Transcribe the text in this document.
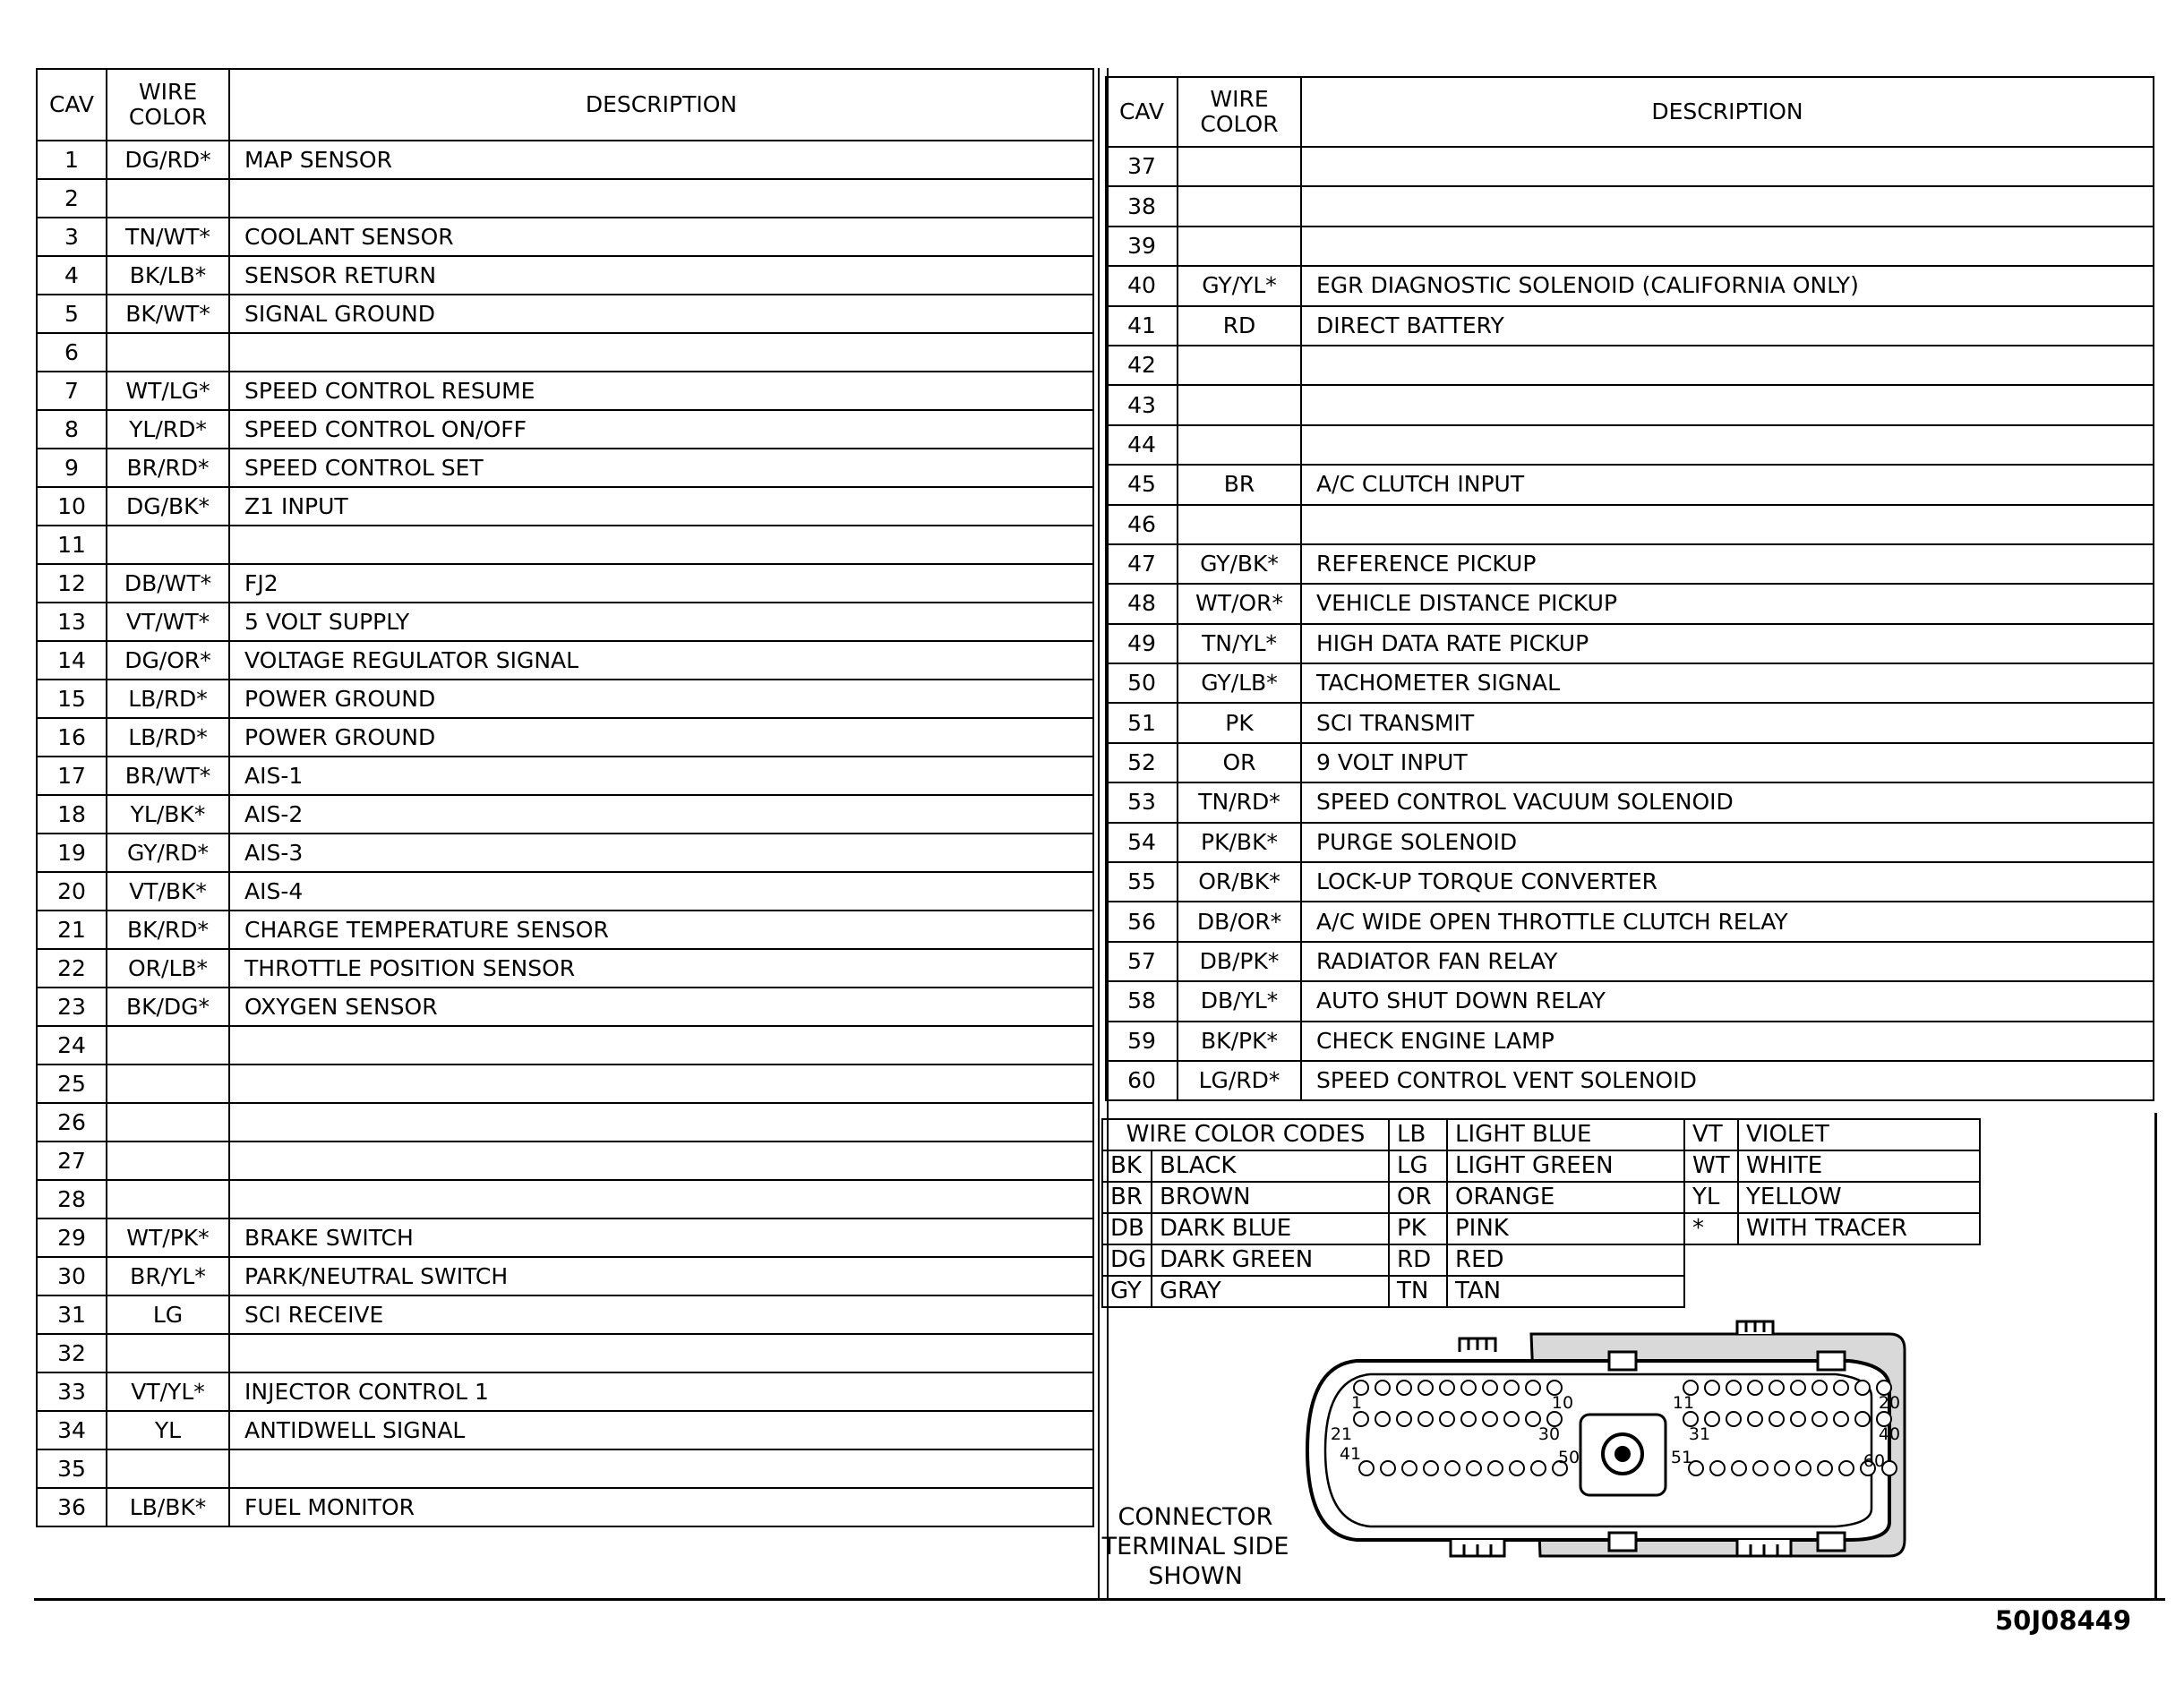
CAV	WIRE
COLOR	DESCRIPTION
1	DG/RD*	MAP SENSOR
2		
3	TN/WT*	COOLANT SENSOR
4	BK/LB*	SENSOR RETURN
5	BK/WT*	SIGNAL GROUND
6		
7	WT/LG*	SPEED CONTROL RESUME
8	YL/RD*	SPEED CONTROL ON/OFF
9	BR/RD*	SPEED CONTROL SET
10	DG/BK*	Z1 INPUT
11		
12	DB/WT*	FJ2
13	VT/WT*	5 VOLT SUPPLY
14	DG/OR*	VOLTAGE REGULATOR SIGNAL
15	LB/RD*	POWER GROUND
16	LB/RD*	POWER GROUND
17	BR/WT*	AIS-1
18	YL/BK*	AIS-2
19	GY/RD*	AIS-3
20	VT/BK*	AIS-4
21	BK/RD*	CHARGE TEMPERATURE SENSOR
22	OR/LB*	THROTTLE POSITION SENSOR
23	BK/DG*	OXYGEN SENSOR
24		
25		
26		
27		
28		
29	WT/PK*	BRAKE SWITCH
30	BR/YL*	PARK/NEUTRAL SWITCH
31	LG	SCI RECEIVE
32		
33	VT/YL*	INJECTOR CONTROL 1
34	YL	ANTIDWELL SIGNAL
35		
36	LB/BK*	FUEL MONITOR
CAV	WIRE
COLOR	DESCRIPTION
37		
38		
39		
40	GY/YL*	EGR DIAGNOSTIC SOLENOID (CALIFORNIA ONLY)
41	RD	DIRECT BATTERY
42		
43		
44		
45	BR	A/C CLUTCH INPUT
46		
47	GY/BK*	REFERENCE PICKUP
48	WT/OR*	VEHICLE DISTANCE PICKUP
49	TN/YL*	HIGH DATA RATE PICKUP
50	GY/LB*	TACHOMETER SIGNAL
51	PK	SCI TRANSMIT
52	OR	9 VOLT INPUT
53	TN/RD*	SPEED CONTROL VACUUM SOLENOID
54	PK/BK*	PURGE SOLENOID
55	OR/BK*	LOCK-UP TORQUE CONVERTER
56	DB/OR*	A/C WIDE OPEN THROTTLE CLUTCH RELAY
57	DB/PK*	RADIATOR FAN RELAY
58	DB/YL*	AUTO SHUT DOWN RELAY
59	BK/PK*	CHECK ENGINE LAMP
60	LG/RD*	SPEED CONTROL VENT SOLENOID
WIRE COLOR CODES		LB	LIGHT BLUE	VT	VIOLET
BK	BLACK	LG	LIGHT GREEN	WT	WHITE
BR	BROWN	OR	ORANGE	YL	YELLOW
DB	DARK BLUE	PK	PINK	*	WITH TRACER
DG	DARK GREEN	RD	RED		
GY	GRAY	TN	TAN		
1	10	11	20
21	30	31	40
41	50	51	60
CONNECTOR
TERMINAL SIDE
SHOWN
50J08449
